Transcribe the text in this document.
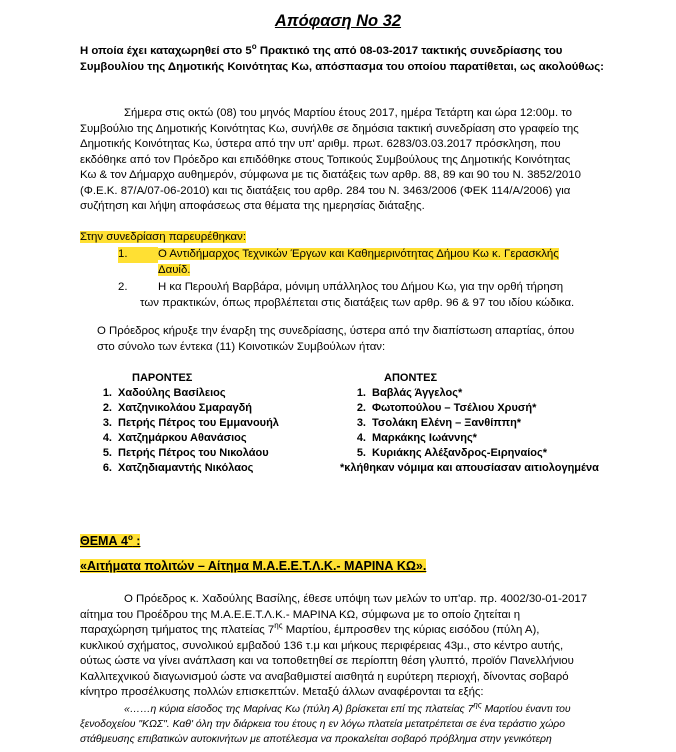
Απόφαση Νο 32
Η οποία έχει καταχωρηθεί στο $5^o$ Πρακτικό της από 08-03-2017 τακτικής συνεδρίασης του
Συμβουλίου της Δημοτικής Κοινότητας Κω, απόσπασμα του οποίου παρατίθεται, ως ακολούθως:
Σήμερα στις οκτώ (08) του μηνός Μαρτίου έτους 2017, ημέρα Τετάρτη και ώρα 12:00μ. το
Συμβούλιο της Δημοτικής Κοινότητας Κω, συνήλθε σε δημόσια τακτική συνεδρίαση στο γραφείο της
Δημοτικής Κοινότητας Κω, ύστερα από την υπ' αριθμ. πρωτ. 6283/03.03.2017 πρόσκληση, που
εκδόθηκε από τον Πρόεδρο και επιδόθηκε στους Τοπικούς Συμβούλους της Δημοτικής Κοινότητας
Κω & τον Δήμαρχο αυθημερόν, σύμφωνα με τις διατάξεις των αρθρ. 88, 89 και 90 του Ν. 3852/2010
(Φ.Ε.Κ. 87/Α/07-06-2010) και τις διατάξεις του αρθρ. 284 του Ν. 3463/2006 (ΦΕΚ 114/Α/2006) για
συζήτηση και λήψη αποφάσεως στα θέματα της ημερησίας διάταξης.
Στην συνεδρίαση παρευρέθηκαν:
1.	Ο Αντιδήμαρχος Τεχνικών Έργων και Καθημερινότητας Δήμου Κω κ. Γερασκλής
Δαυίδ.
2.	Η κα Περουλή Βαρβάρα, μόνιμη υπάλληλος του Δήμου Κω, για την ορθή τήρηση
των πρακτικών, όπως προβλέπεται στις διατάξεις των αρθρ. 96 & 97 του ιδίου κώδικα.
Ο Πρόεδρος κήρυξε την έναρξη της συνεδρίασης, ύστερα από την διαπίστωση απαρτίας, όπου
στο σύνολο των έντεκα (11) Κοινοτικών Συμβούλων ήταν:
ΠΑΡΟΝΤΕΣ
1. Χαδούλης Βασίλειος
2. Χατζηνικολάου Σμαραγδή
3. Πετρής Πέτρος του Εμμανουήλ
4. Χατζημάρκου Αθανάσιος
5. Πετρής Πέτρος του Νικολάου
6. Χατζηδιαμαντής Νικόλαος
ΑΠΟΝΤΕΣ
1. Βαβλάς Άγγελος*
2. Φωτοπούλου – Τσέλιου Χρυσή*
3. Τσολάκη Ελένη – Ξανθίππη*
4. Μαρκάκης Ιωάννης*
5. Κυριάκης Αλέξανδρος-Ειρηναίος*
*κλήθηκαν νόμιμα και απουσίασαν αιτιολογημένα
ΘΕΜΑ $4^o$ :
«Αιτήματα πολιτών – Αίτημα Μ.Α.Ε.Ε.Τ.Λ.Κ.- ΜΑΡΙΝΑ ΚΩ».
Ο Πρόεδρος κ. Χαδούλης Βασίλης, έθεσε υπόψη των μελών το υπ'αρ. πρ. 4002/30-01-2017
αίτημα του Προέδρου της Μ.Α.Ε.Ε.Τ.Λ.Κ.- ΜΑΡΙΝΑ ΚΩ, σύμφωνα με το οποίο ζητείται η
παραχώρηση τμήματος της πλατείας $7^{\eta\varsigma}$ Μαρτίου, έμπροσθεν της κύριας εισόδου (πύλη Α),
κυκλικού σχήματος, συνολικού εμβαδού 136 τ.μ και μήκους περιφέρειας 43μ., στο κέντρο αυτής,
ούτως ώστε να γίνει ανάπλαση και να τοποθετηθεί σε περίοπτη θέση γλυπτό, προϊόν Πανελλήνιου
Καλλιτεχνικού διαγωνισμού ώστε να αναβαθμιστεί αισθητά η ευρύτερη περιοχή, δίνοντας σοβαρό
κίνητρο προσέλκυσης πολλών επισκεπτών. Μεταξύ άλλων αναφέρονται τα εξής:
«……η κύρια είσοδος της Μαρίνας Κω (πύλη Α) βρίσκεται επί της πλατείας $7^{\eta\varsigma}$ Μαρτίου έναντι του
ξενοδοχείου "ΚΩΣ". Καθ' όλη την διάρκεια του έτους η εν λόγω πλατεία μετατρέπεται σε ένα τεράστιο χώρο
στάθμευσης επιβατικών αυτοκινήτων με αποτέλεσμα να προκαλείται σοβαρό πρόβλημα στην γενικότερη
